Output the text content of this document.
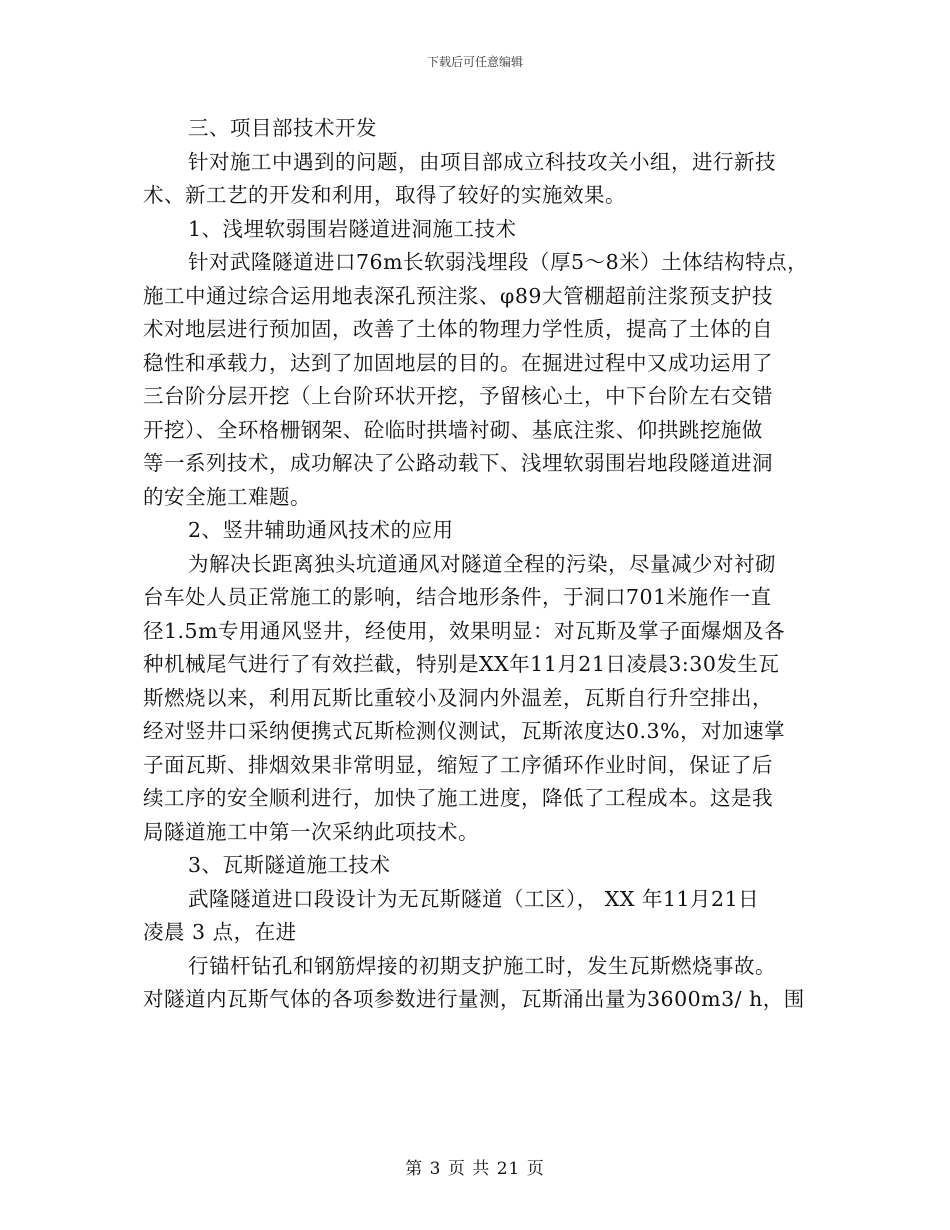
下载后可任意编辑
三、项目部技术开发
针对施工中遇到的问题，由项目部成立科技攻关小组，进行新技
术、新工艺的开发和利用，取得了较好的实施效果。
1、浅埋软弱围岩隧道进洞施工技术
针对武隆隧道进口76m长软弱浅埋段（厚5～8米）土体结构特点，
施工中通过综合运用地表深孔预注浆、φ89大管棚超前注浆预支护技
术对地层进行预加固，改善了土体的物理力学性质，提高了土体的自
稳性和承载力，达到了加固地层的目的。在掘进过程中又成功运用了
三台阶分层开挖（上台阶环状开挖，予留核心土，中下台阶左右交错
开挖）、全环格栅钢架、砼临时拱墙衬砌、基底注浆、仰拱跳挖施做
等一系列技术，成功解决了公路动载下、浅埋软弱围岩地段隧道进洞
的安全施工难题。
2、竖井辅助通风技术的应用
为解决长距离独头坑道通风对隧道全程的污染，尽量减少对衬砌
台车处人员正常施工的影响，结合地形条件，于洞口701米施作一直
径1.5m专用通风竖井，经使用，效果明显：对瓦斯及掌子面爆烟及各
种机械尾气进行了有效拦截，特别是XX年11月21日凌晨3:30发生瓦
斯燃烧以来，利用瓦斯比重较小及洞内外温差，瓦斯自行升空排出，
经对竖井口采纳便携式瓦斯检测仪测试，瓦斯浓度达0.3%，对加速掌
子面瓦斯、排烟效果非常明显，缩短了工序循环作业时间，保证了后
续工序的安全顺利进行，加快了施工进度，降低了工程成本。这是我
局隧道施工中第一次采纳此项技术。
3、瓦斯隧道施工技术
武隆隧道进口段设计为无瓦斯隧道（工区）， XX 年11月21日
凌晨 3 点，在进
行锚杆钻孔和钢筋焊接的初期支护施工时，发生瓦斯燃烧事故。
对隧道内瓦斯气体的各项参数进行量测，瓦斯涌出量为3600m3/ h，围
第 3 页 共 21 页
